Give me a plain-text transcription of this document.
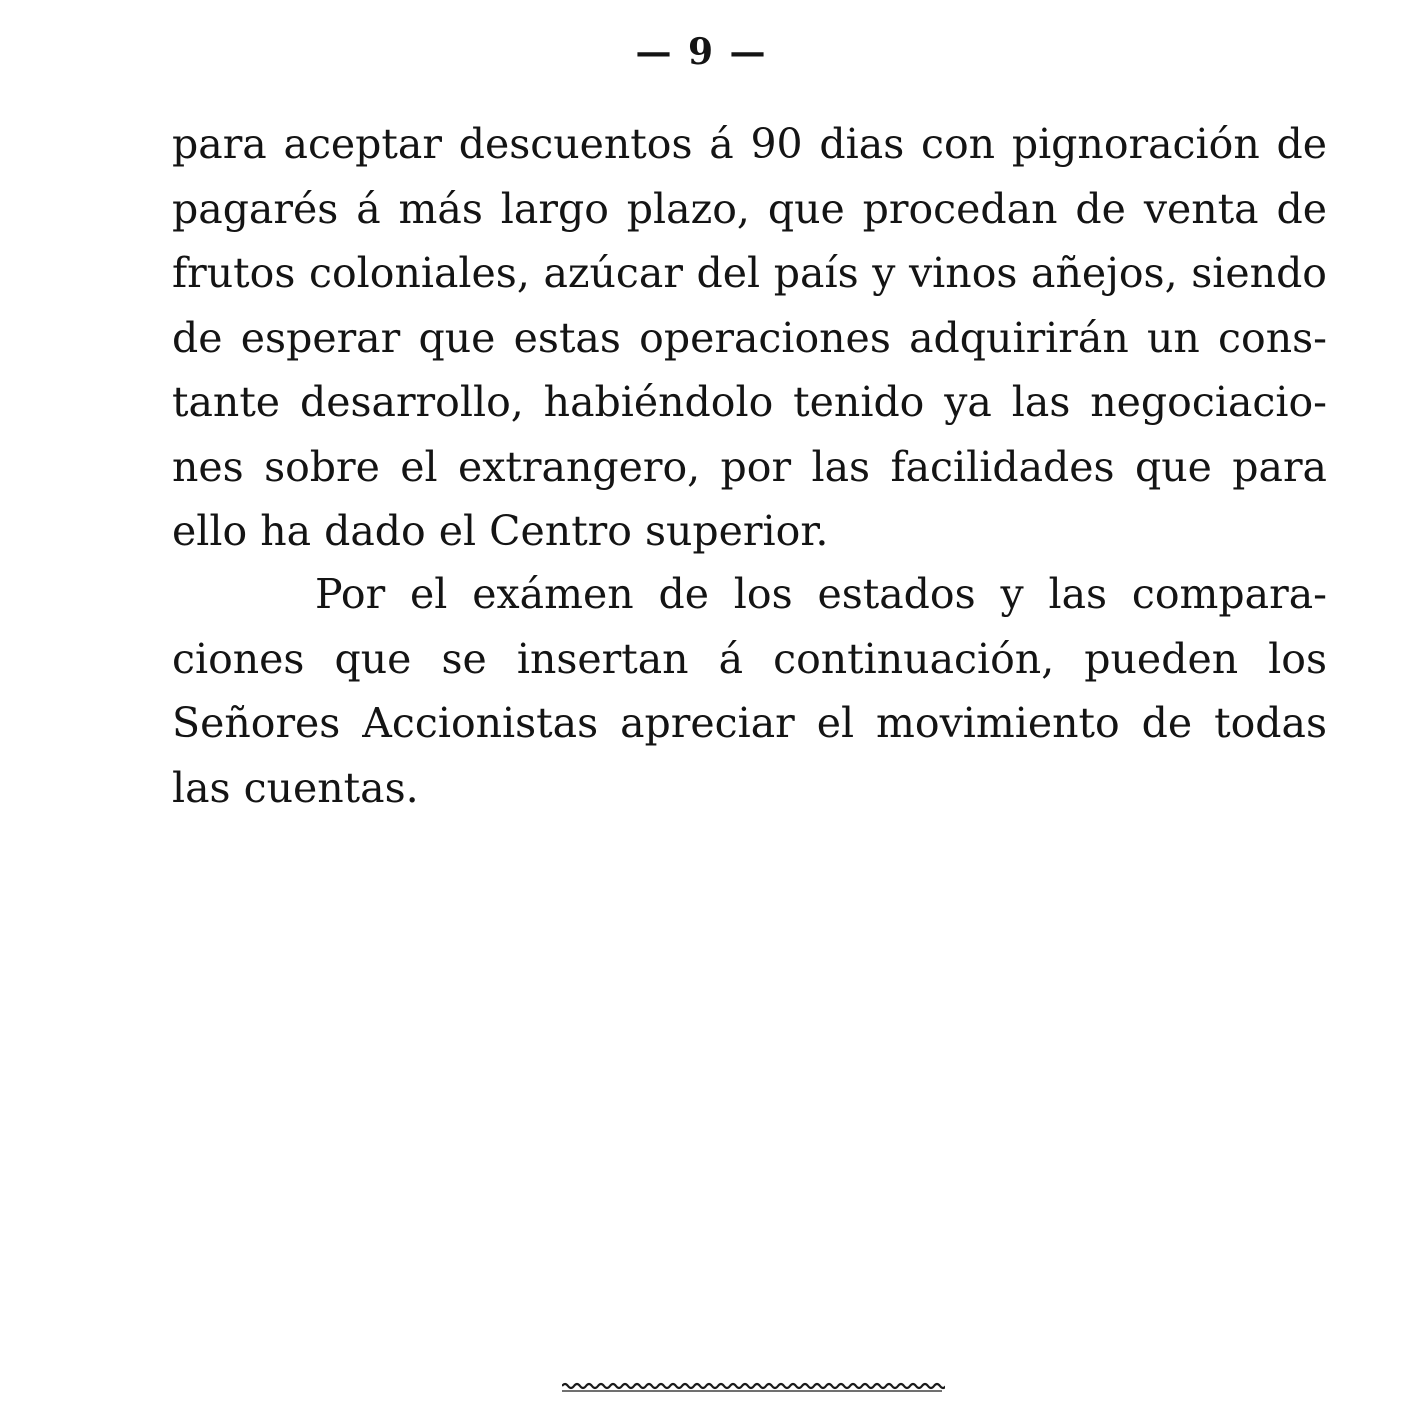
— 9 —
para aceptar descuentos á 90 dias con pignoración de
pagarés á más largo plazo, que procedan de venta de
frutos coloniales, azúcar del país y vinos añejos, siendo
de esperar que estas operaciones adquirirán un cons-
tante desarrollo, habiéndolo tenido ya las negociacio-
nes sobre el extrangero, por las facilidades que para
ello ha dado el Centro superior.
Por el exámen de los estados y las compara-
ciones que se insertan á continuación, pueden los
Señores Accionistas apreciar el movimiento de todas
las cuentas.
